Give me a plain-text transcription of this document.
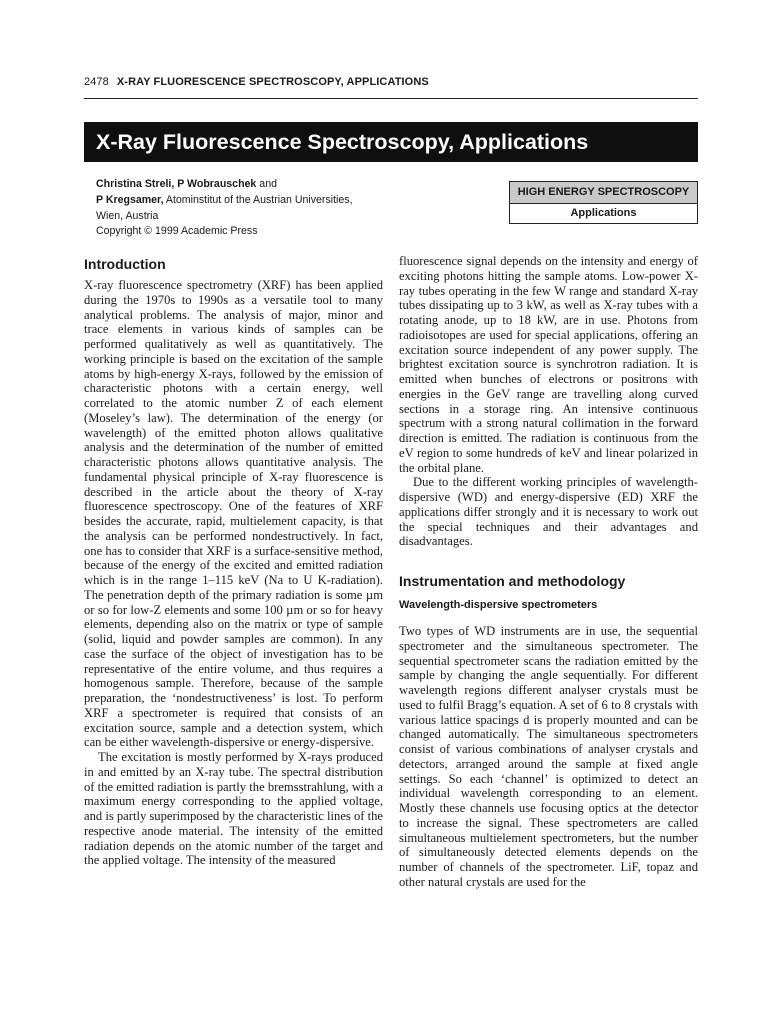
2478 X-RAY FLUORESCENCE SPECTROSCOPY, APPLICATIONS
X-Ray Fluorescence Spectroscopy, Applications
Christina Streli, P Wobrauschek and
P Kregsamer, Atominstitut of the Austrian Universities, Wien, Austria
Copyright © 1999 Academic Press
HIGH ENERGY SPECTROSCOPY
Applications
Introduction

X-ray fluorescence spectrometry (XRF) has been applied during the 1970s to 1990s as a versatile tool to many analytical problems. The analysis of major, minor and trace elements in various kinds of samples can be performed qualitatively as well as quantitatively. The working principle is based on the excitation of the sample atoms by high-energy X-rays, followed by the emission of characteristic photons with a certain energy, well correlated to the atomic number Z of each element (Moseley’s law). The determination of the energy (or wavelength) of the emitted photon allows qualitative analysis and the determination of the number of emitted characteristic photons allows quantitative analysis. The fundamental physical principle of X-ray fluorescence is described in the article about the theory of X-ray fluorescence spectroscopy. One of the features of XRF besides the accurate, rapid, multielement capacity, is that the analysis can be performed nondestructively. In fact, one has to consider that XRF is a surface-sensitive method, because of the energy of the excited and emitted radiation which is in the range 1–115 keV (Na to U K-radiation). The penetration depth of the primary radiation is some µm or so for low-Z elements and some 100 µm or so for heavy elements, depending also on the matrix or type of sample (solid, liquid and powder samples are common). In any case the surface of the object of investigation has to be representative of the entire volume, and thus requires a homogenous sample. Therefore, because of the sample preparation, the ‘nondestructiveness’ is lost. To perform XRF a spectrometer is required that consists of an excitation source, sample and a detection system, which can be either wavelength-dispersive or energy-dispersive.

The excitation is mostly performed by X-rays produced in and emitted by an X-ray tube. The spectral distribution of the emitted radiation is partly the bremsstrahlung, with a maximum energy corresponding to the applied voltage, and is partly superimposed by the characteristic lines of the respective anode material. The intensity of the emitted radiation depends on the atomic number of the target and the applied voltage. The intensity of the measured

fluorescence signal depends on the intensity and energy of exciting photons hitting the sample atoms. Low-power X-ray tubes operating in the few W range and standard X-ray tubes dissipating up to 3 kW, as well as X-ray tubes with a rotating anode, up to 18 kW, are in use. Photons from radioisotopes are used for special applications, offering an excitation source independent of any power supply. The brightest excitation source is synchrotron radiation. It is emitted when bunches of electrons or positrons with energies in the GeV range are travelling along curved sections in a storage ring. An intensive continuous spectrum with a strong natural collimation in the forward direction is emitted. The radiation is continuous from the eV region to some hundreds of keV and linear polarized in the orbital plane.

Due to the different working principles of wavelength-dispersive (WD) and energy-dispersive (ED) XRF the applications differ strongly and it is necessary to work out the special techniques and their advantages and disadvantages.

Instrumentation and methodology
Wavelength-dispersive spectrometers

Two types of WD instruments are in use, the sequential spectrometer and the simultaneous spectrometer. The sequential spectrometer scans the radiation emitted by the sample by changing the angle sequentially. For different wavelength regions different analyser crystals must be used to fulfil Bragg’s equation. A set of 6 to 8 crystals with various lattice spacings d is properly mounted and can be changed automatically. The simultaneous spectrometers consist of various combinations of analyser crystals and detectors, arranged around the sample at fixed angle settings. So each ‘channel’ is optimized to detect an individual wavelength corresponding to an element. Mostly these channels use focusing optics at the detector to increase the signal. These spectrometers are called simultaneous multielement spectrometers, but the number of simultaneously detected elements depends on the number of channels of the spectrometer. LiF, topaz and other natural crystals are used for the
